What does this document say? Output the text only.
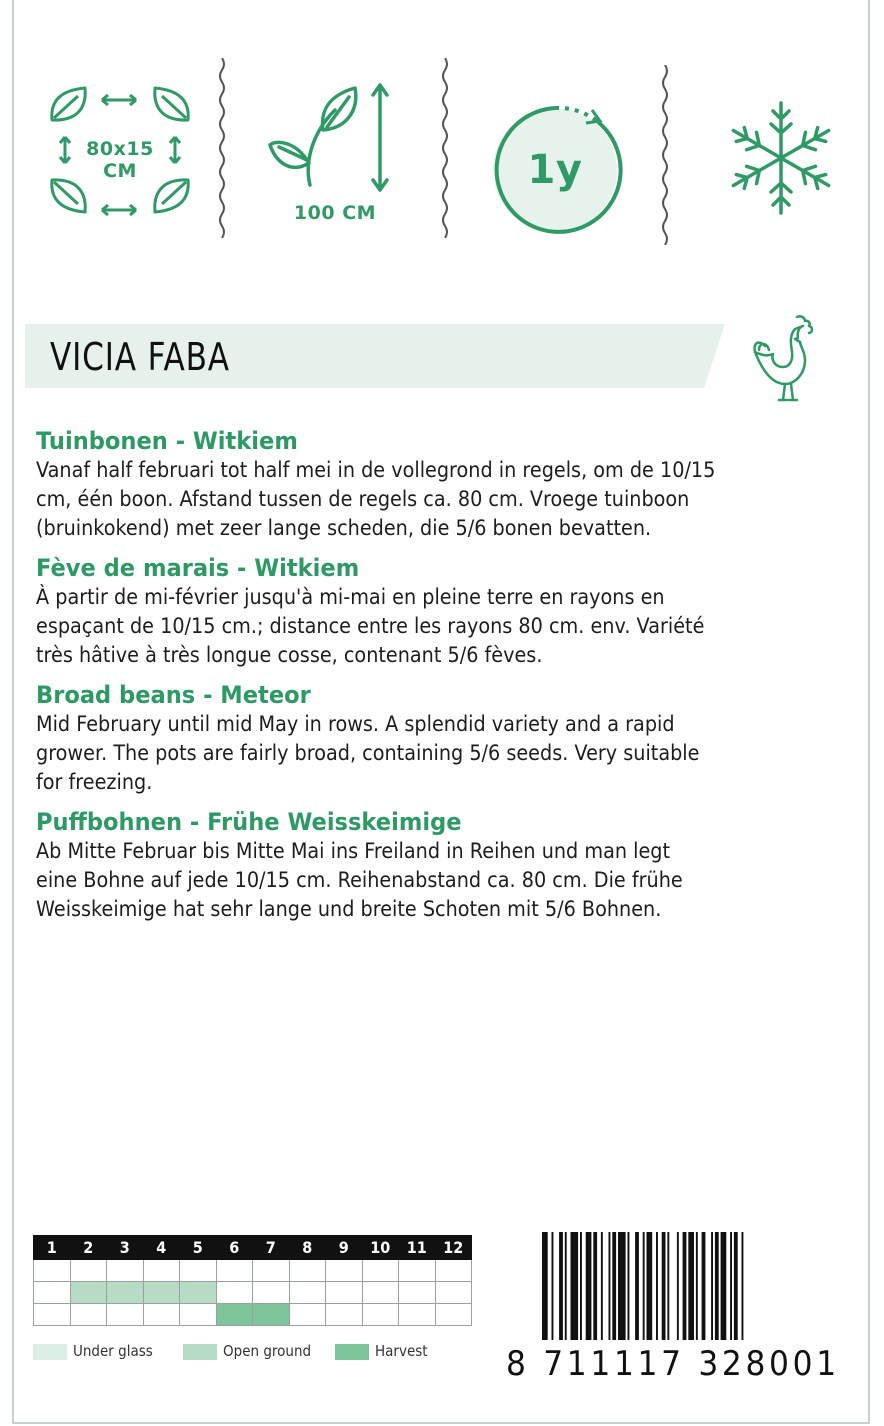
80x15
CM
100 CM
1y
VICIA FABA
Tuinbonen - Witkiem

Vanaf half februari tot half mei in de vollegrond in regels, om de 10/15

cm, één boon. Afstand tussen de regels ca. 80 cm. Vroege tuinboon

(bruinkokend) met zeer lange scheden, die 5/6 bonen bevatten.

Fève de marais - Witkiem

À partir de mi-février jusqu'à mi-mai en pleine terre en rayons en

espaçant de 10/15 cm.; distance entre les rayons 80 cm. env. Variété

très hâtive à très longue cosse, contenant 5/6 fèves.

Broad beans - Meteor

Mid February until mid May in rows. A splendid variety and a rapid

grower. The pots are fairly broad, containing 5/6 seeds. Very suitable

for freezing.

Puffbohnen - Frühe Weisskeimige

Ab Mitte Februar bis Mitte Mai ins Freiland in Reihen und man legt

eine Bohne auf jede 10/15 cm. Reihenabstand ca. 80 cm. Die frühe

Weisskeimige hat sehr lange und breite Schoten mit 5/6 Bohnen.

1	2	3	4	5	6	7	8	9	10	11	12

Under glass	Open ground	Harvest 8 711117 328001
